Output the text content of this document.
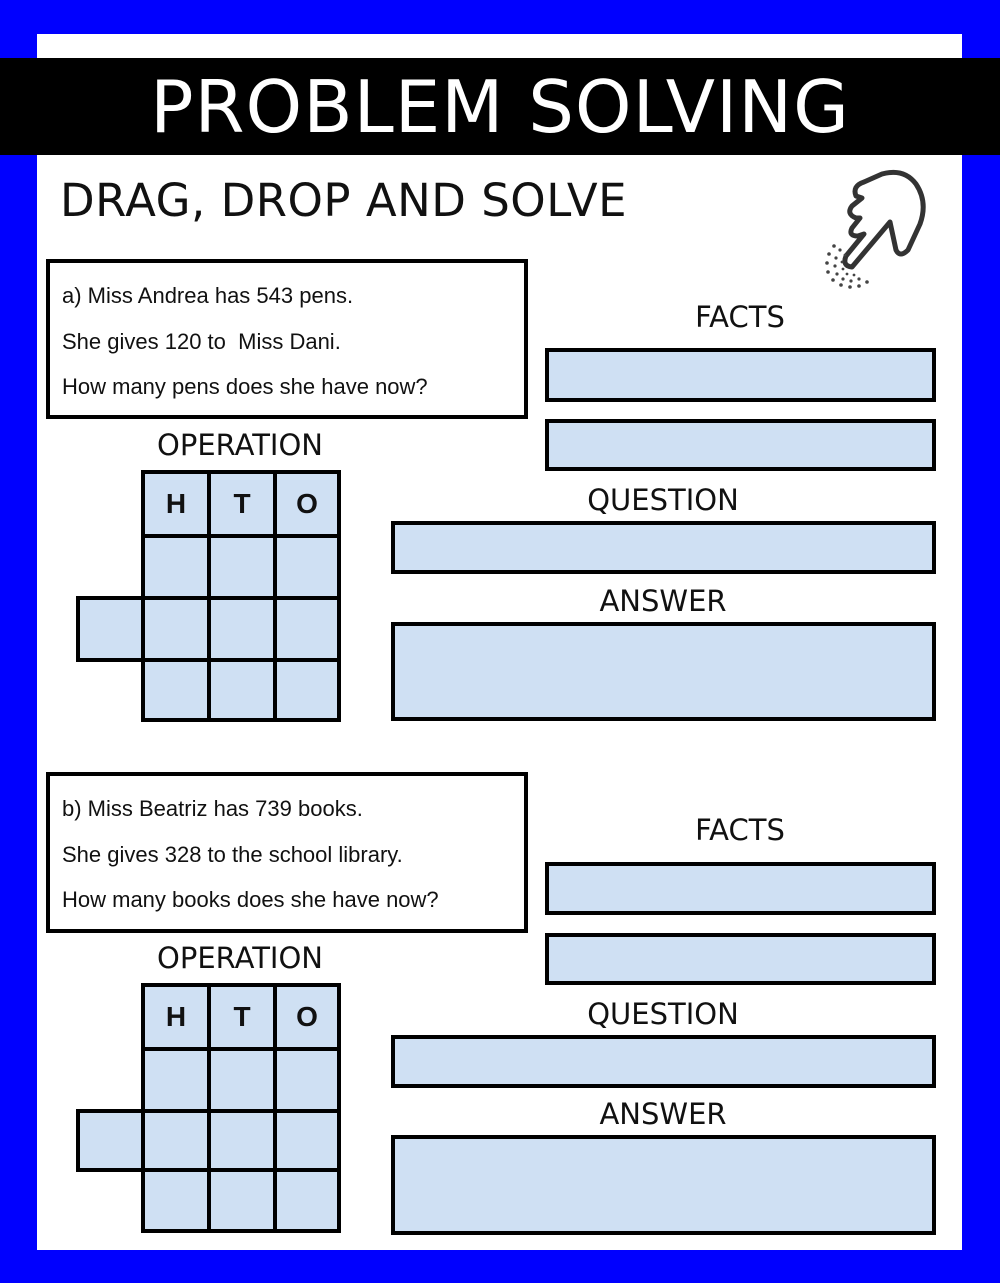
PROBLEM SOLVING
DRAG, DROP AND SOLVE
a) Miss Andrea has 543 pens.
She gives 120 to  Miss Dani.
How many pens does she have now?
OPERATION
H	T	O
FACTS
QUESTION
ANSWER
b) Miss Beatriz has 739 books.
She gives 328 to the school library.
How many books does she have now?
OPERATION
H	T	O
FACTS
QUESTION
ANSWER
